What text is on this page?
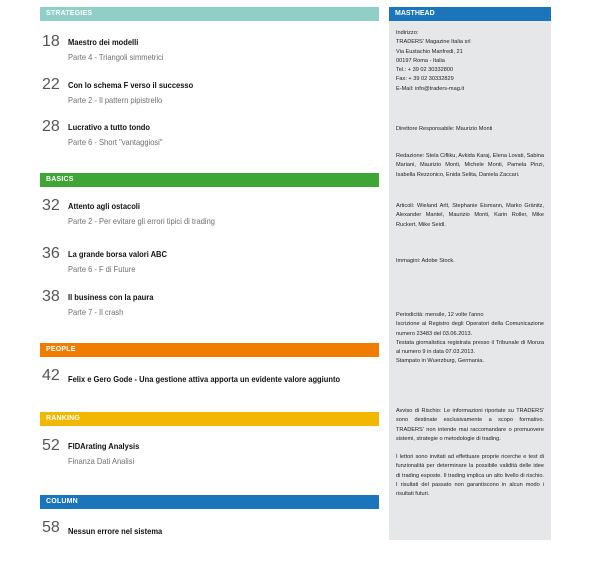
STRATEGIES
18 Maestro dei modelli
Parte 4 - Triangoli simmetrici
22 Con lo schema F verso il successo
Parte 2 - Il pattern pipistrello
28 Lucrativo a tutto tondo
Parte 6 - Short "vantaggiosi"
BASICS
32 Attento agli ostacoli
Parte 2 - Per evitare gli errori tipici di trading
36 La grande borsa valori ABC
Parte 6 - F di Future
38 Il business con la paura
Parte 7 - Il crash
PEOPLE
42 Felix e Gero Gode - Una gestione attiva apporta un evidente valore aggiunto
RANKING
52 FIDArating Analysis
Finanza Dati Analisi
COLUMN
58 Nessun errore nel sistema
MASTHEAD

Indirizzo:

TRADERS' Magazine Italia srl

Via Eustachio Manfredi, 21

00197 Roma - Italia

Tel.: + 39 02 30332800

Fax: + 39 02 30332829

E-Mail: info@traders-mag.it

Direttore Responsabile: Maurizio Monti

Redazione: Stela Cifliku, Avkida Karaj, Elena Lovati, Sabina Mariani, Maurizio Monti, Michele Monti, Pamela Pinzi, Isabella Rezzonico, Enida Selita, Daniela Zaccari.

Articoli: Wieland Arlt, Stephanie Eismann, Marko Gränitz, Alexander Mantel, Maurizio Monti, Karin Roller, Mike Ruckert, Mike Seidl.

Immagini: Adobe Stock.

Periodicità: mensile, 12 volte l'anno

Iscrizione al Registro degli Operatori della Comunicazione numero 23483 del 03.06.2013.

Testata giornalistica registrata presso il Tribunale di Monza al numero 9 in data 07.03.2013.

Stampato in Wuerzburg, Germania.

Avviso di Rischio: Le informazioni riportate su TRADERS' sono destinate esclusivamente a scopo formativo. TRADERS' non intende mai raccomandare o promuovere sistemi, strategie o metodologie di trading.

I lettori sono invitati ad effettuare proprie ricerche e test di funzionalità per determinare la possibile validità delle idee di trading esposte. Il trading implica un alto livello di rischio. I risultati del passato non garantiscono in alcun modo i risultati futuri.
